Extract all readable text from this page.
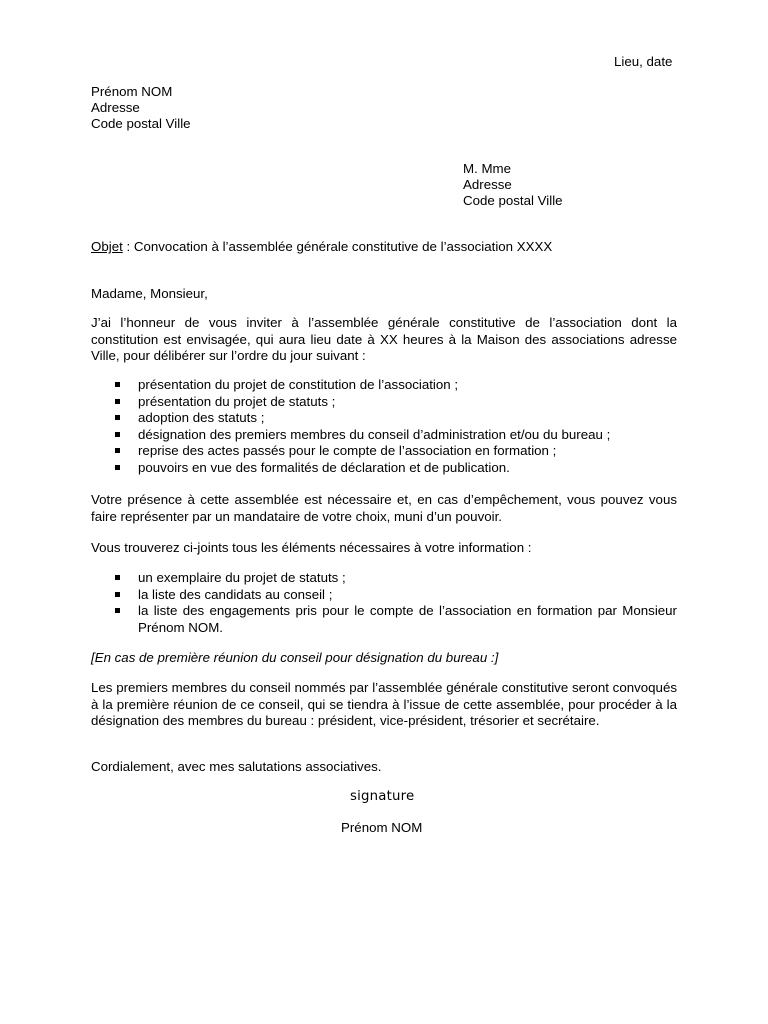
Lieu, date
Prénom NOM
Adresse
Code postal Ville
M. Mme
Adresse
Code postal Ville
Objet : Convocation à l’assemblée générale constitutive de l’association XXXX
Madame, Monsieur,
J’ai l’honneur de vous inviter à l’assemblée générale constitutive de l’association dont la constitution est envisagée, qui aura lieu date à XX heures à la Maison des associations adresse Ville, pour délibérer sur l’ordre du jour suivant :
présentation du projet de constitution de l’association ;
présentation du projet de statuts ;
adoption des statuts ;
désignation des premiers membres du conseil d’administration et/ou du bureau ;
reprise des actes passés pour le compte de l’association en formation ;
pouvoirs en vue des formalités de déclaration et de publication.
Votre présence à cette assemblée est nécessaire et, en cas d’empêchement, vous pouvez vous faire représenter par un mandataire de votre choix, muni d’un pouvoir.
Vous trouverez ci-joints tous les éléments nécessaires à votre information :
un exemplaire du projet de statuts ;
la liste des candidats au conseil ;
la liste des engagements pris pour le compte de l’association en formation par Monsieur Prénom NOM.
[En cas de première réunion du conseil pour désignation du bureau :]
Les premiers membres du conseil nommés par l’assemblée générale constitutive seront convoqués à la première réunion de ce conseil, qui se tiendra à l’issue de cette assemblée, pour procéder à la désignation des membres du bureau : président, vice-président, trésorier et secrétaire.
Cordialement, avec mes salutations associatives.
signature
Prénom NOM
